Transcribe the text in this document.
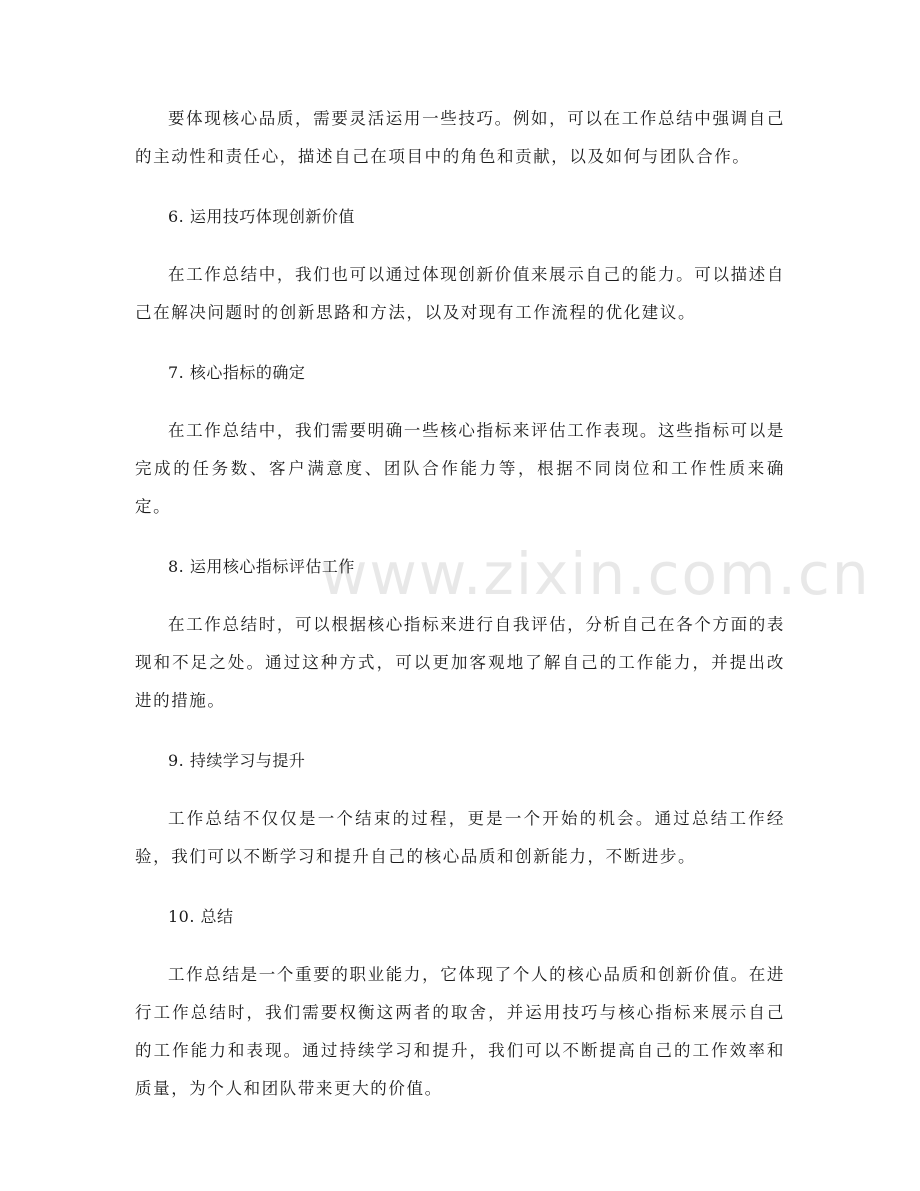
www.zixin.com.cn

要体现核心品质，需要灵活运用一些技巧。例如，可以在工作总结中强调自己的主动性和责任心，描述自己在项目中的角色和贡献，以及如何与团队合作。

6. 运用技巧体现创新价值

在工作总结中，我们也可以通过体现创新价值来展示自己的能力。可以描述自己在解决问题时的创新思路和方法，以及对现有工作流程的优化建议。

7. 核心指标的确定

在工作总结中，我们需要明确一些核心指标来评估工作表现。这些指标可以是完成的任务数、客户满意度、团队合作能力等，根据不同岗位和工作性质来确定。

8. 运用核心指标评估工作

在工作总结时，可以根据核心指标来进行自我评估，分析自己在各个方面的表现和不足之处。通过这种方式，可以更加客观地了解自己的工作能力，并提出改进的措施。

9. 持续学习与提升

工作总结不仅仅是一个结束的过程，更是一个开始的机会。通过总结工作经验，我们可以不断学习和提升自己的核心品质和创新能力，不断进步。

10. 总结

工作总结是一个重要的职业能力，它体现了个人的核心品质和创新价值。在进行工作总结时，我们需要权衡这两者的取舍，并运用技巧与核心指标来展示自己的工作能力和表现。通过持续学习和提升，我们可以不断提高自己的工作效率和质量，为个人和团队带来更大的价值。
